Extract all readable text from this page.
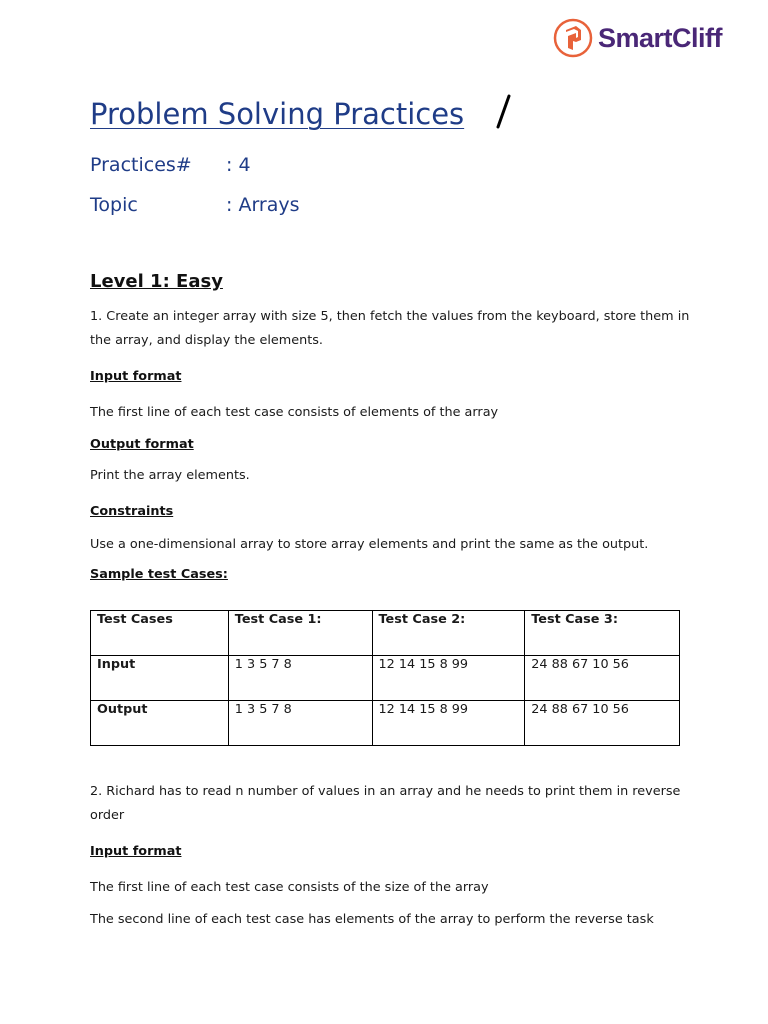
SmartCliff
Problem Solving Practices
Practices# : 4
Topic	: Arrays
Level 1: Easy
1. Create an integer array with size 5, then fetch the values from the keyboard, store them in the array, and display the elements.
Input format
The first line of each test case consists of elements of the array
Output format
Print the array elements.
Constraints
Use a one-dimensional array to store array elements and print the same as the output.
Sample test Cases:
Test Cases	Test Case 1:	Test Case 2:	Test Case 3:
Input	1 3 5 7 8	12 14 15 8 99	24 88 67 10 56
Output	1 3 5 7 8	12 14 15 8 99	24 88 67 10 56
2. Richard has to read n number of values in an array and he needs to print them in reverse order
Input format
The first line of each test case consists of the size of the array
The second line of each test case has elements of the array to perform the reverse task
